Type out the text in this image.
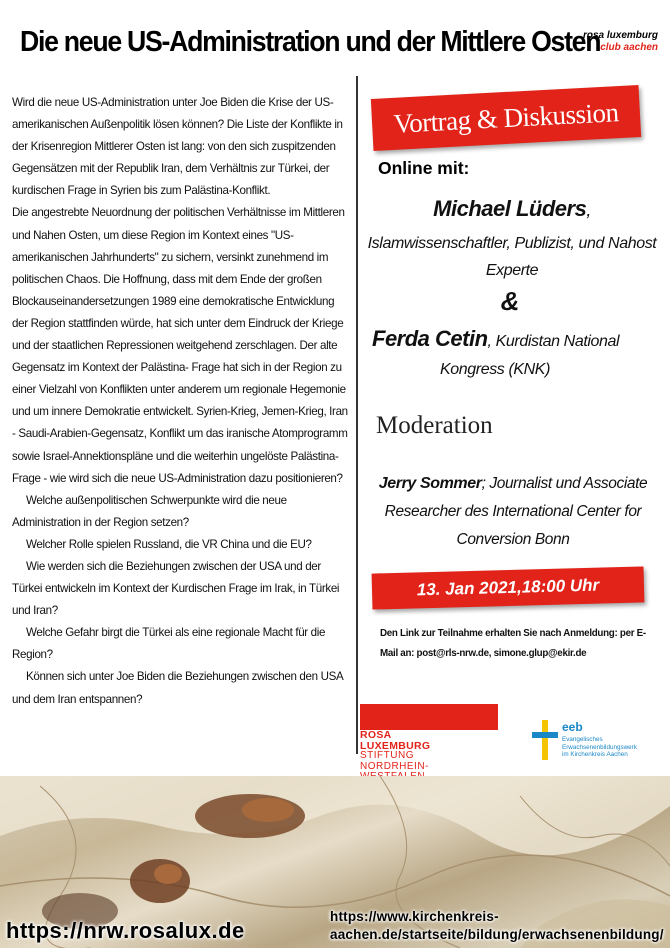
Die neue US-Administration und der Mittlere Osten
rosa luxemburg
club aachen

Wird die neue US-Administration unter Joe Biden die Krise der US-amerikanischen Außenpolitik lösen können? Die Liste der Konflikte in der Krisenregion Mittlerer Osten ist lang: von den sich zuspitzenden Gegensätzen mit der Republik Iran, dem Verhältnis zur Türkei, der kurdischen Frage in Syrien bis zum Palästina-Konflikt.

Die angestrebte Neuordnung der politischen Verhältnisse im Mittleren und Nahen Osten, um diese Region im Kontext eines "US-amerikanischen Jahrhunderts" zu sichern, versinkt zunehmend im politischen Chaos. Die Hoffnung, dass mit dem Ende der großen Blockauseinandersetzungen 1989 eine demokratische Entwicklung der Region stattfinden würde, hat sich unter dem Eindruck der Kriege und der staatlichen Repressionen weitgehend zerschlagen. Der alte Gegensatz im Kontext der Palästina- Frage hat sich in der Region zu einer Vielzahl von Konflikten unter anderem um regionale Hegemonie und um innere Demokratie entwickelt. Syrien-Krieg, Jemen-Krieg, Iran - Saudi-Arabien-Gegensatz, Konflikt um das iranische Atomprogramm sowie Israel-Annektionspläne und die weiterhin ungelöste Palästina-Frage - wie wird sich die neue US-Administration dazu positionieren?

Welche außenpolitischen Schwerpunkte wird die neue Administration in der Region setzen?

Welcher Rolle spielen Russland, die VR China und die EU?

Wie werden sich die Beziehungen zwischen der USA und der Türkei entwickeln im Kontext der Kurdischen Frage im Irak, in Türkei und Iran?

Welche Gefahr birgt die Türkei als eine regionale Macht für die Region?

Können sich unter Joe Biden die Beziehungen zwischen den USA und dem Iran entspannen?

Vortrag & Diskussion
Online mit:
Michael Lüders,
Islamwissenschaftler, Publizist, und Nahost Experte
&
Ferda Cetin, Kurdistan National
Kongress (KNK)
Moderation
Jerry Sommer; Journalist und Associate Researcher des International Center for Conversion Bonn
13. Jan 2021,18:00 Uhr
Den Link zur Teilnahme erhalten Sie nach Anmeldung: per E-Mail an: post@rls-nrw.de, simone.glup@ekir.de
ROSA
LUXEMBURG
STIFTUNG
NORDRHEIN-
eeb
Evangelisches
Erwachsenenbildungswerk
im Kirchenkreis Aachen
https://nrw.rosalux.de
https://www.kirchenkreis-aachen.de/startseite/bildung/erwachsenenbildung/
